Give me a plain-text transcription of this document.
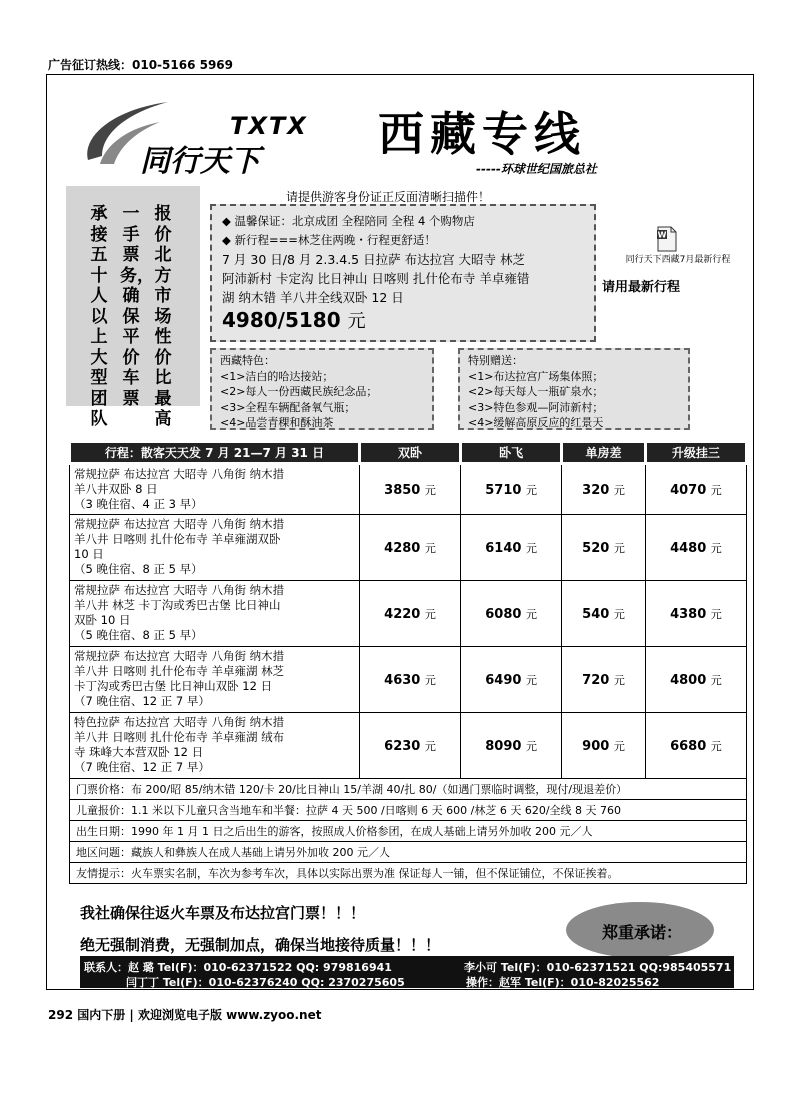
广告征订热线：010-5166 5969
TXTX
同行天下
西藏专线
-----环球世纪国旅总社
承接五十人以上大型团队
一手票务，确保平价车票
报价北方市场性价比最高
请提供游客身份证正反面清晰扫描件！
◆ 温馨保证：北京成团 全程陪同 全程 4 个购物店
◆ 新行程===林芝住两晚・行程更舒适！
7 月 30 日/8 月 2.3.4.5 日拉萨 布达拉宫 大昭寺 林芝
阿沛新村 卡定沟 比日神山 日喀则 扎什伦布寺 羊卓雍错
湖 纳木错 羊八井全线双卧 12 日
4980/5180 元
W
同行天下西藏7月最新行程
请用最新行程
西藏特色：
<1>洁白的哈达接站；
<2>每人一份西藏民族纪念品；
<3>全程车辆配备氧气瓶；
<4>品尝青稞和酥油茶
特别赠送：
<1>布达拉宫广场集体照；
<2>每天每人一瓶矿泉水；
<3>特色参观—阿沛新村；
<4>缓解高原反应的红景天
行程：散客天天发 7 月 21—7 月 31 日	双卧	卧飞	单房差	升级挂三

常规拉萨 布达拉宫 大昭寺 八角街 纳木措
羊八井双卧 8 日
（3 晚住宿、4 正 3 早）	3850 元	5710 元	320 元	4070 元

常规拉萨 布达拉宫 大昭寺 八角街 纳木措
羊八井 日喀则 扎什伦布寺 羊卓雍湖双卧
10 日
（5 晚住宿、8 正 5 早）	4280 元	6140 元	520 元	4480 元

常规拉萨 布达拉宫 大昭寺 八角街 纳木措
羊八井 林芝 卡丁沟或秀巴古堡 比日神山
双卧 10 日
（5 晚住宿、8 正 5 早）	4220 元	6080 元	540 元	4380 元

常规拉萨 布达拉宫 大昭寺 八角街 纳木措
羊八井 日喀则 扎什伦布寺 羊卓雍湖 林芝
卡丁沟或秀巴古堡 比日神山双卧 12 日
（7 晚住宿、12 正 7 早）	4630 元	6490 元	720 元	4800 元

特色拉萨 布达拉宫 大昭寺 八角街 纳木措
羊八井 日喀则 扎什伦布寺 羊卓雍湖 绒布
寺 珠峰大本营双卧 12 日
（7 晚住宿、12 正 7 早）	6230 元	8090 元	900 元	6680 元
门票价格：布 200/昭 85/纳木错 120/卡 20/比日神山 15/羊湖 40/扎 80/（如遇门票临时调整，现付/现退差价）				
儿童报价：1.1 米以下儿童只含当地车和半餐：拉萨 4 天 500 /日喀则 6 天 600 /林芝 6 天 620/全线 8 天 760				
出生日期：1990 年 1 月 1 日之后出生的游客，按照成人价格参团，在成人基础上请另外加收 200 元／人				
地区问题：藏族人和彝族人在成人基础上请另外加收 200 元／人				
友情提示：火车票实名制，车次为参考车次，具体以实际出票为准 保证每人一铺，但不保证铺位，不保证挨着。				
我社确保往返火车票及布达拉宫门票！！！
绝无强制消费，无强制加点，确保当地接待质量！！！
郑重承诺：
联系人：赵 璐 Tel(F)：010-62371522 QQ: 979816941	李小可 Tel(F)：010-62371521 QQ:985405571
闫丁丁 Tel(F)：010-62376240 QQ: 2370275605	操作：赵军 Tel(F)：010-82025562
292 国内下册 | 欢迎浏览电子版 www.zyoo.net
